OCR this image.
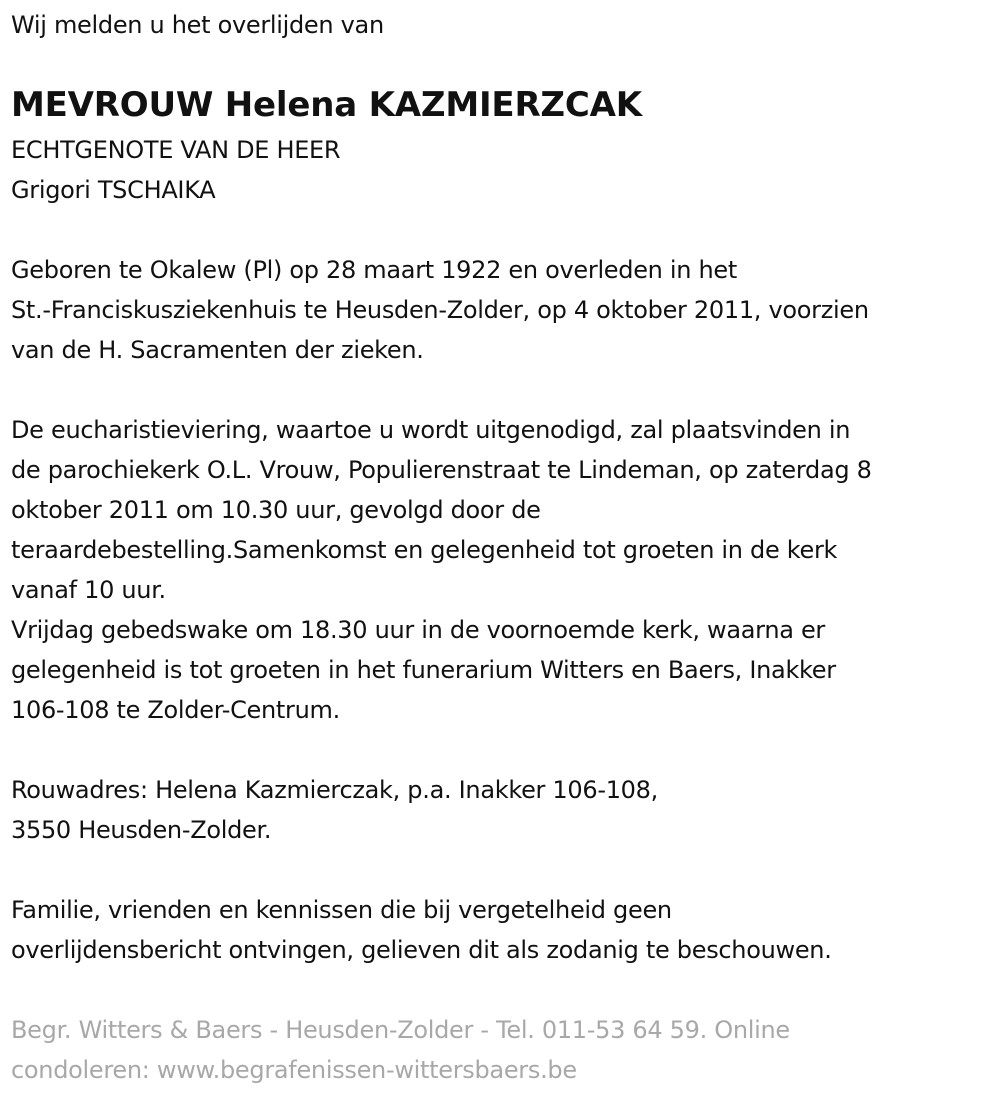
Wij melden u het overlijden van
MEVROUW Helena KAZMIERZCAK
ECHTGENOTE VAN DE HEER
Grigori TSCHAIKA
Geboren te Okalew (Pl) op 28 maart 1922 en overleden in het
St.-Franciskusziekenhuis te Heusden-Zolder, op 4 oktober 2011, voorzien
van de H. Sacramenten der zieken.
De eucharistieviering, waartoe u wordt uitgenodigd, zal plaatsvinden in
de parochiekerk O.L. Vrouw, Populierenstraat te Lindeman, op zaterdag 8
oktober 2011 om 10.30 uur, gevolgd door de
teraardebestelling.Samenkomst en gelegenheid tot groeten in de kerk
vanaf 10 uur.
Vrijdag gebedswake om 18.30 uur in de voornoemde kerk, waarna er
gelegenheid is tot groeten in het funerarium Witters en Baers, Inakker
106-108 te Zolder-Centrum.
Rouwadres: Helena Kazmierczak, p.a. Inakker 106-108,
3550 Heusden-Zolder.
Familie, vrienden en kennissen die bij vergetelheid geen
overlijdensbericht ontvingen, gelieven dit als zodanig te beschouwen.
Begr. Witters & Baers - Heusden-Zolder - Tel. 011-53 64 59. Online
condoleren: www.begrafenissen-wittersbaers.be
